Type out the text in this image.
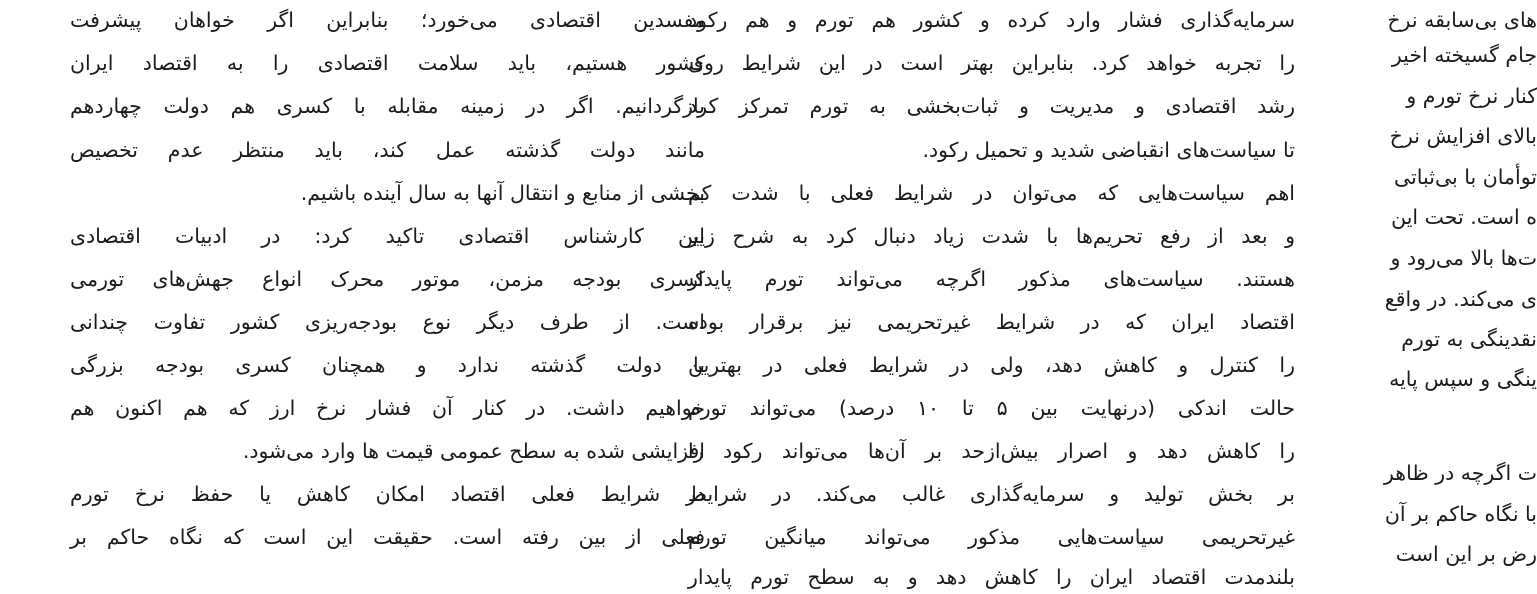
مفسدین اقتصادی می‌خورد؛ بنابراین اگر خواهان پیشرفت
کشور هستیم، باید سلامت اقتصادی را به اقتصاد ایران
بازگردانیم. اگر در زمینه مقابله با کسری هم دولت چهاردهم
مانند دولت گذشته عمل کند، باید منتظر عدم تخصیص
بخشی از منابع و انتقال آنها به سال آینده باشیم.
این کارشناس اقتصادی تاکید کرد: در ادبیات اقتصادی
کسری بودجه مزمن، موتور محرک انواع جهش‌های تورمی
است. از طرف دیگر نوع بودجه‌ریزی کشور تفاوت چندانی
با دولت گذشته ندارد و همچنان کسری بودجه بزرگی
خواهیم داشت. در کنار آن فشار نرخ ارز که هم اکنون هم
افزایشی شده به سطح عمومی قیمت ها وارد می‌شود.
در شرایط فعلی اقتصاد امکان کاهش یا حفظ نرخ تورم
فعلی از بین رفته است. حقیقت این است که نگاه حاکم بر
سرمایه‌گذاری فشار وارد کرده و کشور هم تورم و هم رکود
را تجربه خواهد کرد. بنابراین بهتر است در این شرایط روی
رشد اقتصادی و مدیریت و ثبات‌بخشی به تورم تمرکز کرد
تا سیاست‌های انقباضی شدید و تحمیل رکود.
اهم سیاست‌هایی که می‌توان در شرایط فعلی با شدت کم
و بعد از رفع تحریم‌ها با شدت زیاد دنبال کرد به شرح زیر
هستند. سیاست‌های مذکور اگرچه می‌تواند تورم پایدار
اقتصاد ایران که در شرایط غیرتحریمی نیز برقرار بوده
را کنترل و کاهش دهد، ولی در شرایط فعلی در بهترین
حالت اندکی (درنهایت بین ۵ تا ۱۰ درصد) می‌تواند تورم
را کاهش دهد و اصرار بیش‌ازحد بر آن‌ها می‌تواند رکود را
بر بخش تولید و سرمایه‌گذاری غالب می‌کند. در شرایط
غیرتحریمی سیاست‌هایی مذکور می‌تواند میانگین تورم
بلندمدت اقتصاد ایران را کاهش دهد و به سطح تورم پایدار
های بی‌سابقه نرخ
جام گسیخته اخیر
کنار نرخ تورم و
بالای افزایش نرخ
توأمان با بی‌ثباتی
ه است. تحت این
ت‌ها بالا می‌رود و
ی می‌کند. در واقع
نقدینگی به تورم
ینگی و سپس پایه
ت اگرچه در ظاهر
با نگاه حاکم بر آن
رض بر این است
